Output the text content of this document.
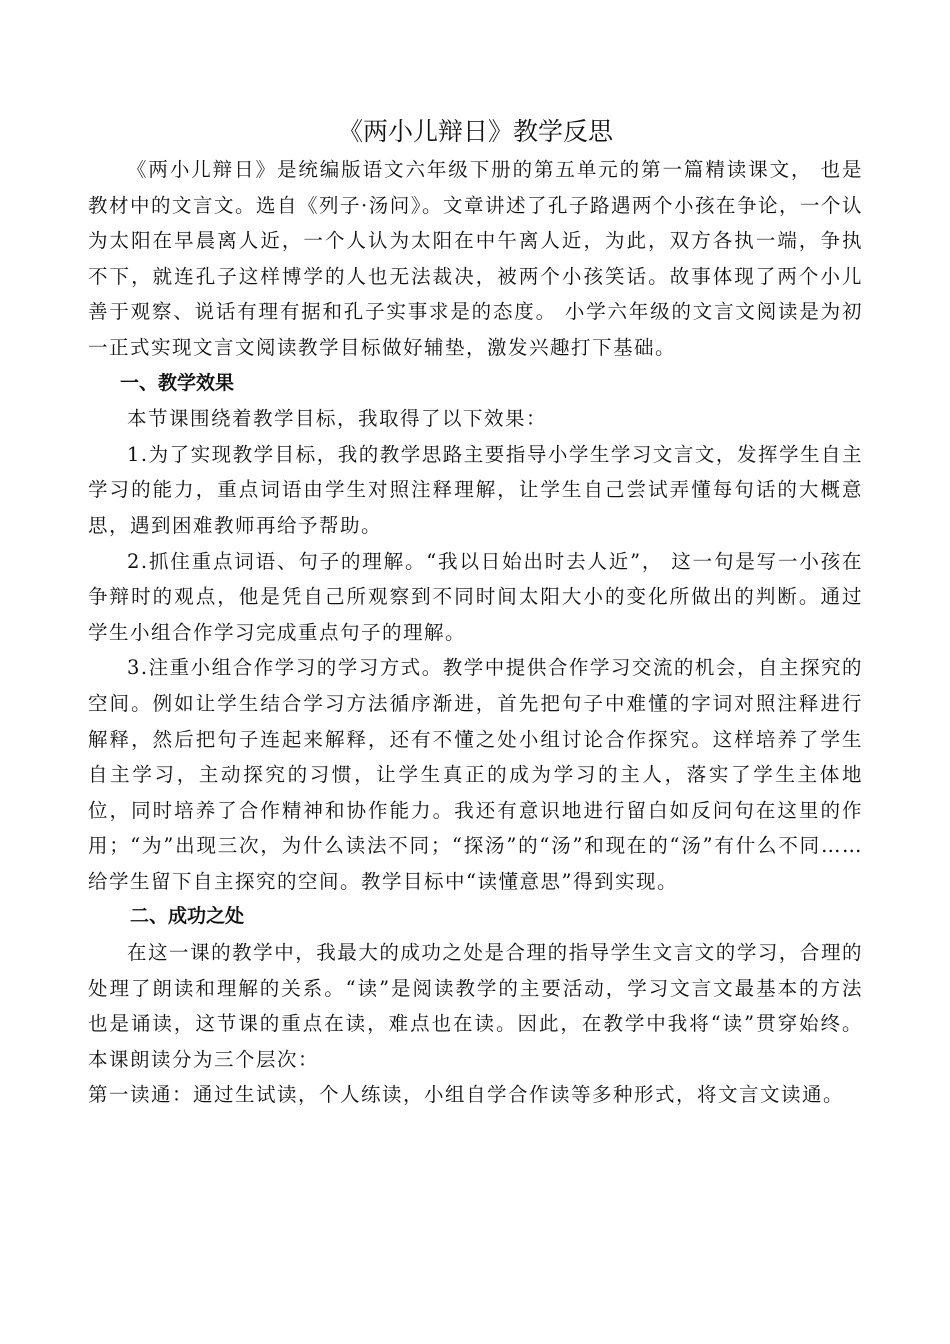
《两小儿辩日》教学反思

《两小儿辩日》是统编版语文六年级下册的第五单元的第一篇精读课文， 也是教材中的文言文。选自《列子·汤问》。文章讲述了孔子路遇两个小孩在争论，一个认为太阳在早晨离人近，一个人认为太阳在中午离人近，为此，双方各执一端，争执不下，就连孔子这样博学的人也无法裁决，被两个小孩笑话。故事体现了两个小儿善于观察、说话有理有据和孔子实事求是的态度。 小学六年级的文言文阅读是为初一正式实现文言文阅读教学目标做好辅垫，激发兴趣打下基础。

一、教学效果

本节课围绕着教学目标，我取得了以下效果：

1.为了实现教学目标，我的教学思路主要指导小学生学习文言文，发挥学生自主学习的能力，重点词语由学生对照注释理解，让学生自己尝试弄懂每句话的大概意思，遇到困难教师再给予帮助。

2.抓住重点词语、句子的理解。“我以日始出时去人近”， 这一句是写一小孩在争辩时的观点，他是凭自己所观察到不同时间太阳大小的变化所做出的判断。通过学生小组合作学习完成重点句子的理解。

3.注重小组合作学习的学习方式。教学中提供合作学习交流的机会，自主探究的空间。例如让学生结合学习方法循序渐进，首先把句子中难懂的字词对照注释进行解释，然后把句子连起来解释，还有不懂之处小组讨论合作探究。这样培养了学生自主学习，主动探究的习惯，让学生真正的成为学习的主人，落实了学生主体地位，同时培养了合作精神和协作能力。我还有意识地进行留白如反问句在这里的作用；“为”出现三次，为什么读法不同；“探汤”的“汤”和现在的“汤”有什么不同……给学生留下自主探究的空间。教学目标中“读懂意思”得到实现。

二、成功之处

在这一课的教学中，我最大的成功之处是合理的指导学生文言文的学习，合理的处理了朗读和理解的关系。“读”是阅读教学的主要活动，学习文言文最基本的方法也是诵读，这节课的重点在读，难点也在读。因此，在教学中我将“读”贯穿始终。本课朗读分为三个层次：

第一读通：通过生试读，个人练读，小组自学合作读等多种形式，将文言文读通。
